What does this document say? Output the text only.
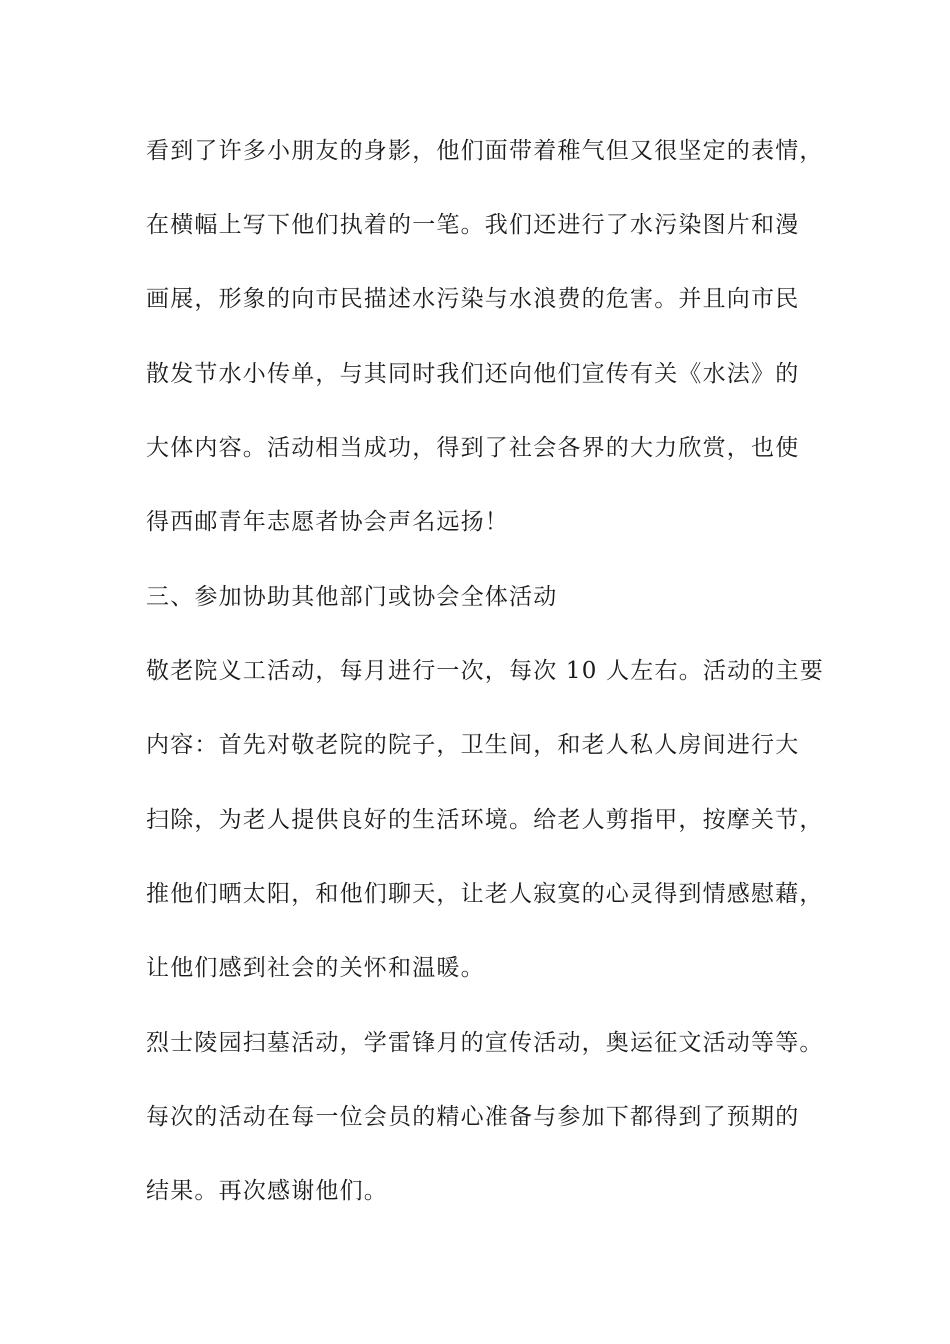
看到了许多小朋友的身影，他们面带着稚气但又很坚定的表情，

在横幅上写下他们执着的一笔。我们还进行了水污染图片和漫

画展，形象的向市民描述水污染与水浪费的危害。并且向市民

散发节水小传单，与其同时我们还向他们宣传有关《水法》的

大体内容。活动相当成功，得到了社会各界的大力欣赏，也使

得西邮青年志愿者协会声名远扬！

三、参加协助其他部门或协会全体活动

敬老院义工活动，每月进行一次，每次 10 人左右。活动的主要

内容：首先对敬老院的院子，卫生间，和老人私人房间进行大

扫除，为老人提供良好的生活环境。给老人剪指甲，按摩关节，

推他们晒太阳，和他们聊天，让老人寂寞的心灵得到情感慰藉，

让他们感到社会的关怀和温暖。

烈士陵园扫墓活动，学雷锋月的宣传活动，奥运征文活动等等。

每次的活动在每一位会员的精心准备与参加下都得到了预期的

结果。再次感谢他们。
